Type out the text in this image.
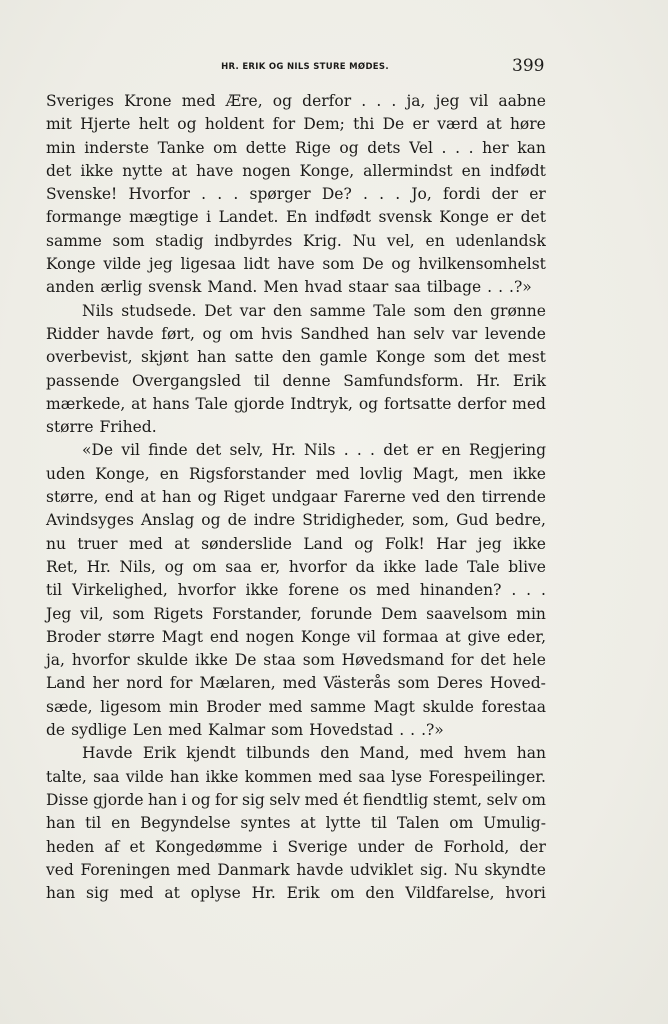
HR. ERIK OG NILS STURE MØDES.	399
Sveriges Krone med Ære, og derfor . . . ja, jeg vil aabne
mit Hjerte helt og holdent for Dem; thi De er værd at høre
min inderste Tanke om dette Rige og dets Vel . . . her kan
det ikke nytte at have nogen Konge, allermindst en indfødt
Svenske! Hvorfor . . . spørger De? . . . Jo, fordi der er
formange mægtige i Landet. En indfødt svensk Konge er det
samme som stadig indbyrdes Krig. Nu vel, en udenlandsk
Konge vilde jeg ligesaa lidt have som De og hvilkensomhelst
anden ærlig svensk Mand. Men hvad staar saa tilbage . . .?»
Nils studsede. Det var den samme Tale som den grønne
Ridder havde ført, og om hvis Sandhed han selv var levende
overbevist, skjønt han satte den gamle Konge som det mest
passende Overgangsled til denne Samfundsform. Hr. Erik
mærkede, at hans Tale gjorde Indtryk, og fortsatte derfor med
større Frihed.
«De vil finde det selv, Hr. Nils . . . det er en Regjering
uden Konge, en Rigsforstander med lovlig Magt, men ikke
større, end at han og Riget undgaar Farerne ved den tirrende
Avindsyges Anslag og de indre Stridigheder, som, Gud bedre,
nu truer med at sønderslide Land og Folk! Har jeg ikke
Ret, Hr. Nils, og om saa er, hvorfor da ikke lade Tale blive
til Virkelighed, hvorfor ikke forene os med hinanden? . . .
Jeg vil, som Rigets Forstander, forunde Dem saavelsom min
Broder større Magt end nogen Konge vil formaa at give eder,
ja, hvorfor skulde ikke De staa som Høvedsmand for det hele
Land her nord for Mælaren, med Västerås som Deres Hoved-
sæde, ligesom min Broder med samme Magt skulde forestaa
de sydlige Len med Kalmar som Hovedstad . . .?»
Havde Erik kjendt tilbunds den Mand, med hvem han
talte, saa vilde han ikke kommen med saa lyse Forespeilinger.
Disse gjorde han i og for sig selv med ét fiendtlig stemt, selv om
han til en Begyndelse syntes at lytte til Talen om Umulig-
heden af et Kongedømme i Sverige under de Forhold, der
ved Foreningen med Danmark havde udviklet sig. Nu skyndte
han sig med at oplyse Hr. Erik om den Vildfarelse, hvori
